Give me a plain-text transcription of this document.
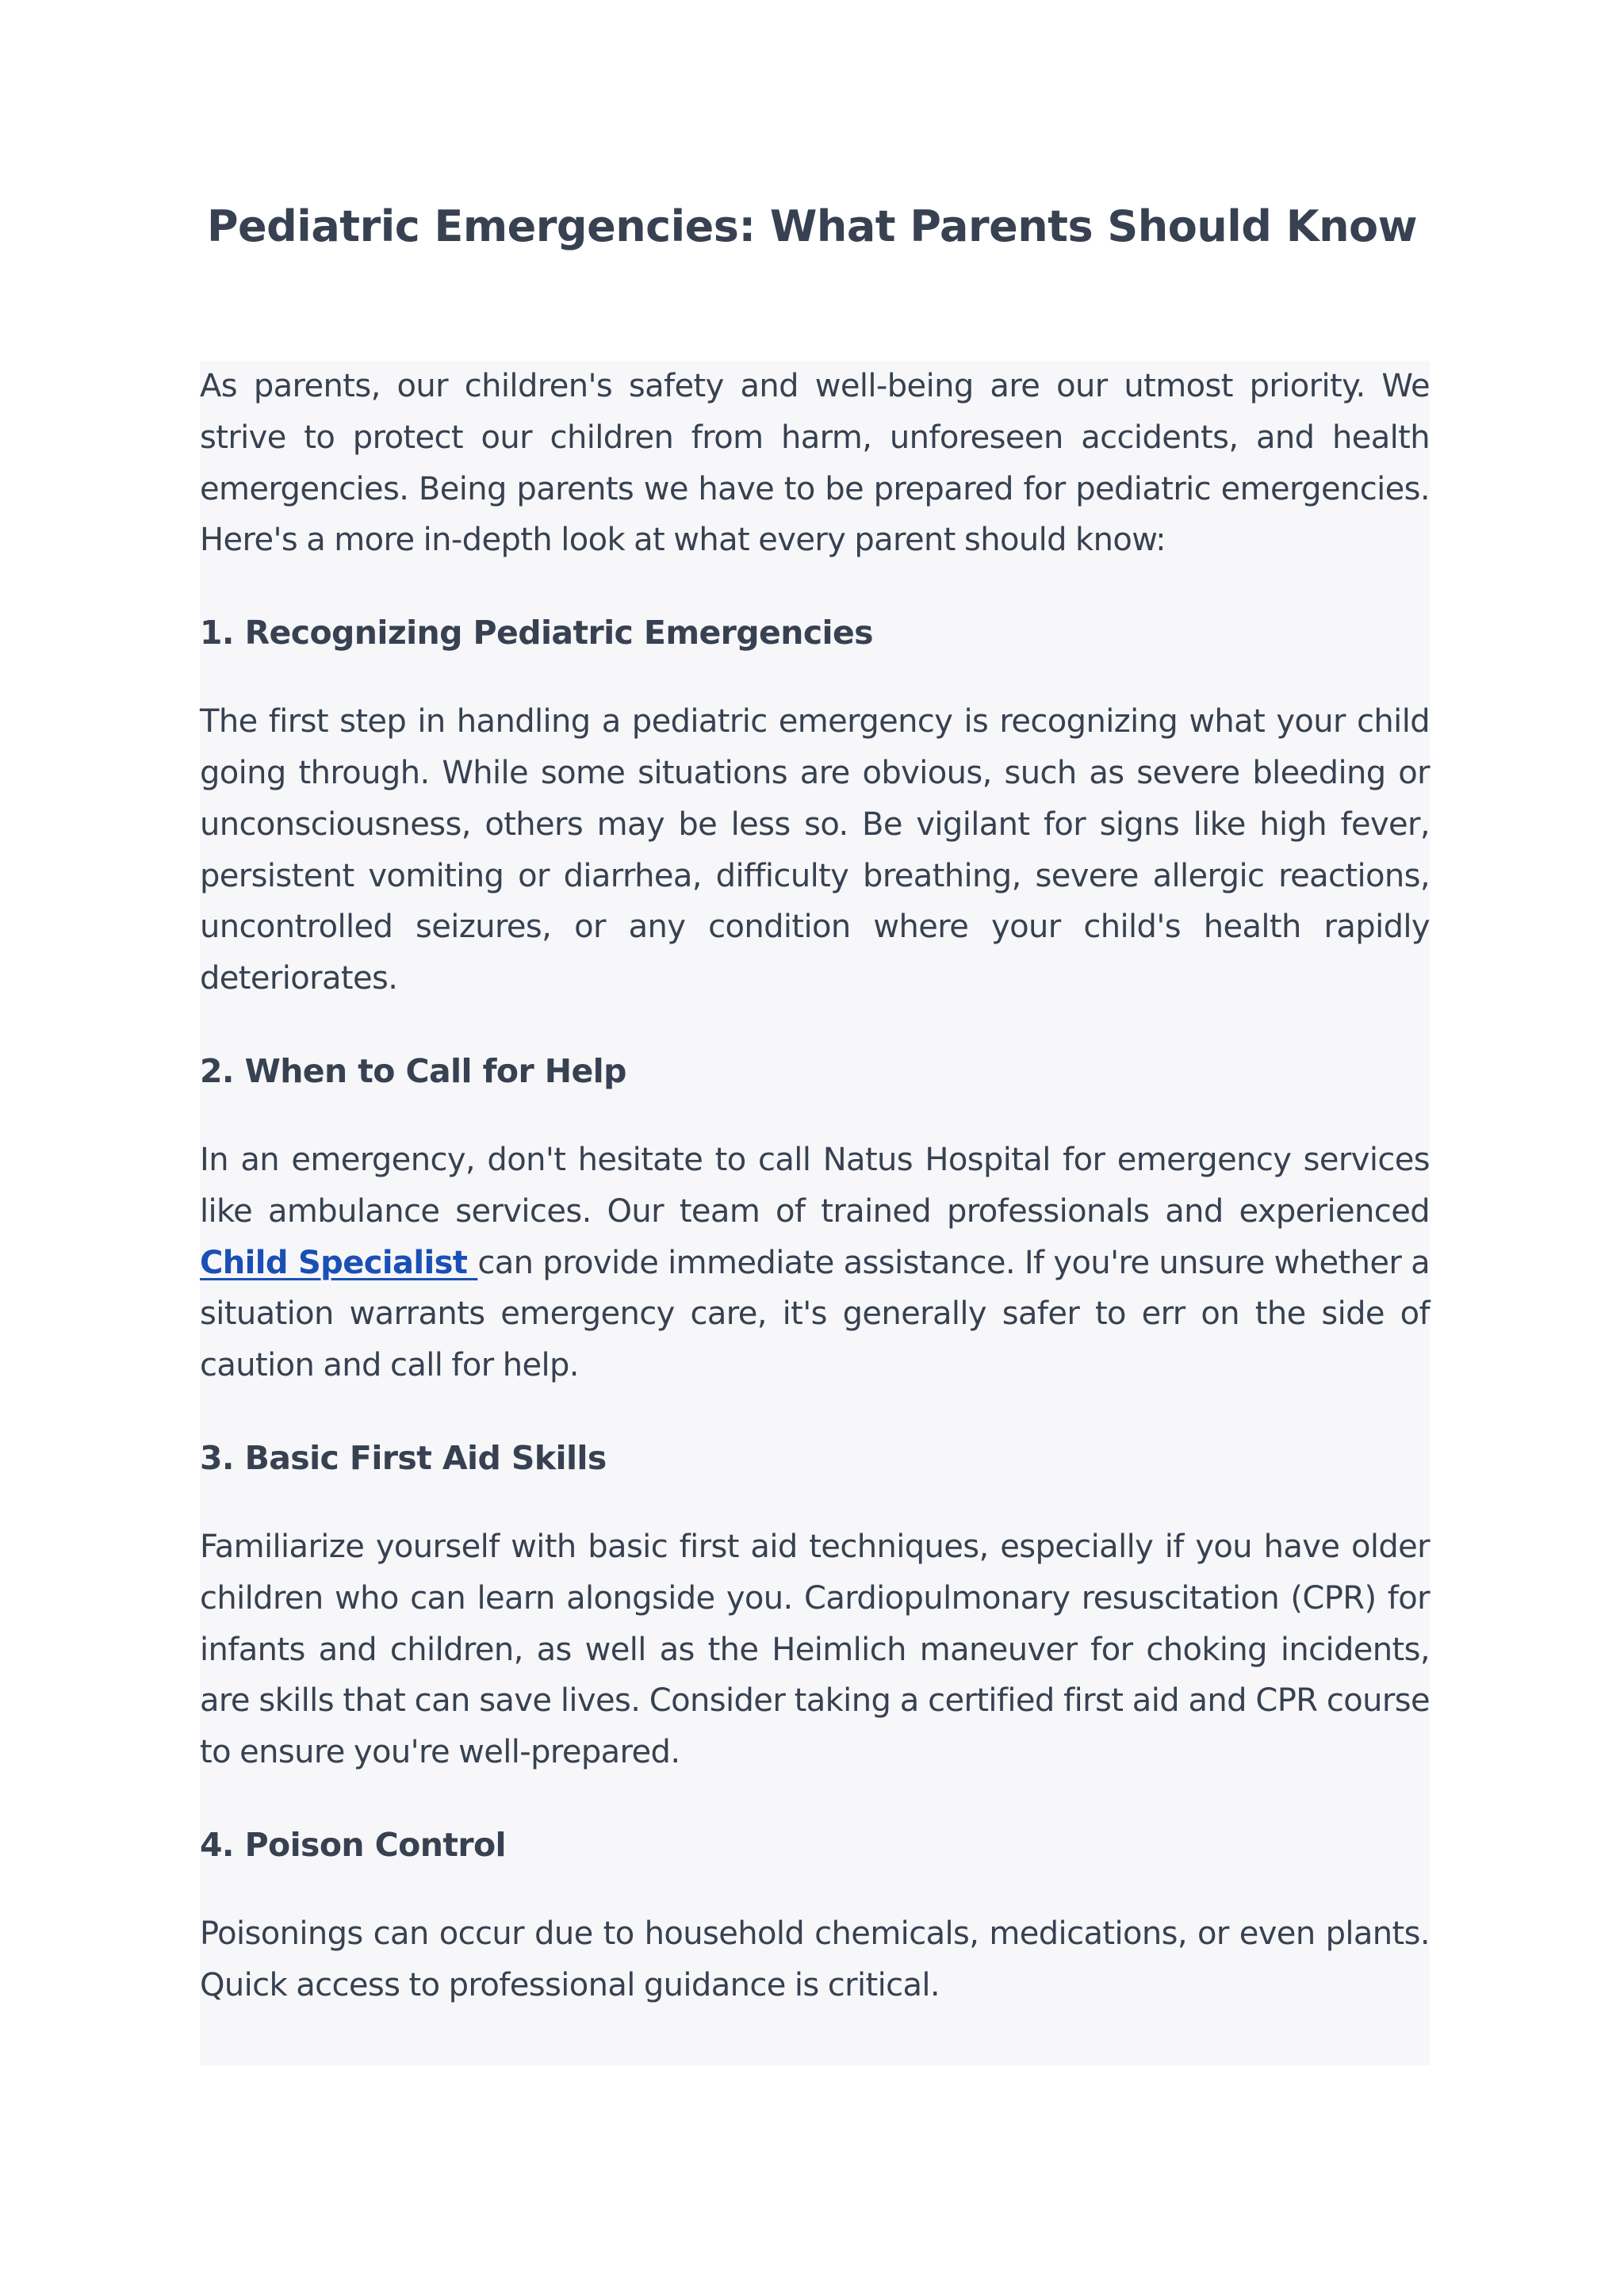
Pediatric Emergencies: What Parents Should Know

As parents, our children's safety and well-being are our utmost priority. We strive to protect our children from harm, unforeseen accidents, and health emergencies. Being parents we have to be prepared for pediatric emergencies. Here's a more in-depth look at what every parent should know:

1. Recognizing Pediatric Emergencies

The first step in handling a pediatric emergency is recognizing what your child going through. While some situations are obvious, such as severe bleeding or unconsciousness, others may be less so. Be vigilant for signs like high fever, persistent vomiting or diarrhea, difficulty breathing, severe allergic reactions, uncontrolled seizures, or any condition where your child's health rapidly deteriorates.

2. When to Call for Help

In an emergency, don't hesitate to call Natus Hospital for emergency services like ambulance services. Our team of trained professionals and experienced Child Specialist can provide immediate assistance. If you're unsure whether a situation warrants emergency care, it's generally safer to err on the side of caution and call for help.

3. Basic First Aid Skills

Familiarize yourself with basic first aid techniques, especially if you have older children who can learn alongside you. Cardiopulmonary resuscitation (CPR) for infants and children, as well as the Heimlich maneuver for choking incidents, are skills that can save lives. Consider taking a certified first aid and CPR course to ensure you're well-prepared.

4. Poison Control

Poisonings can occur due to household chemicals, medications, or even plants. Quick access to professional guidance is critical.
